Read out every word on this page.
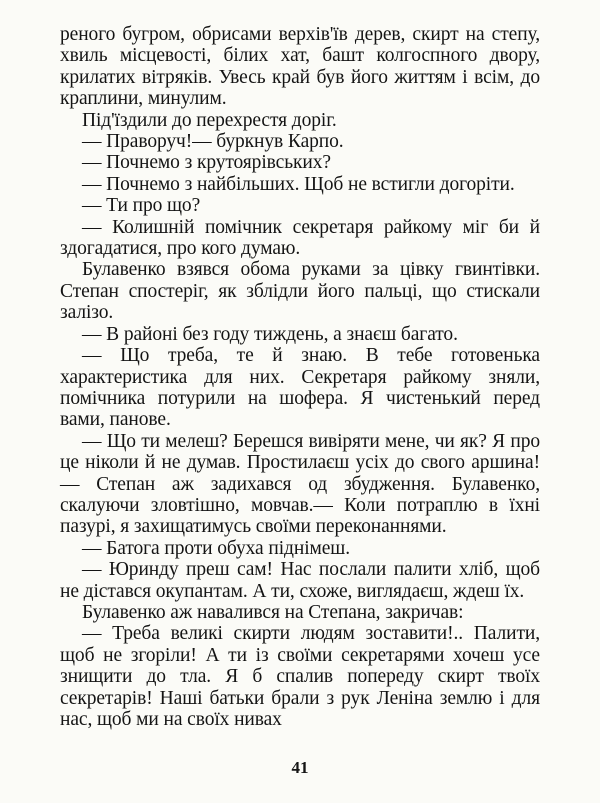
реного бугром, обрисами верхів'їв дерев, скирт на степу, хвиль місцевості, білих хат, башт колгоспного двору, крилатих вітряків. Увесь край був його життям і всім, до краплини, минулим.

Під'їздили до перехрестя доріг.

— Праворуч!— буркнув Карпо.

— Почнемо з крутоярівських?

— Почнемо з найбільших. Щоб не встигли догоріти.

— Ти про що?

— Колишній помічник секретаря райкому міг би й здогадатися, про кого думаю.

Булавенко взявся обома руками за цівку гвинтівки. Степан спостеріг, як зблідли його пальці, що стискали залізо.

— В районі без году тиждень, а знаєш багато.

— Що треба, те й знаю. В тебе готовенька характеристика для них. Секретаря райкому зняли, помічника потурили на шофера. Я чистенький перед вами, панове.

— Що ти мелеш? Берешся вивіряти мене, чи як? Я про це ніколи й не думав. Простилаєш усіх до свого аршина!— Степан аж задихався од збудження. Булавенко, скалуючи зловтішно, мовчав.— Коли потраплю в їхні пазурі, я захищатимусь своїми переконаннями.

— Батога проти обуха піднімеш.

— Юринду преш сам! Нас послали палити хліб, щоб не дістався окупантам. А ти, схоже, виглядаєш, ждеш їх.

Булавенко аж навалився на Степана, закричав:

— Треба великі скирти людям зоставити!.. Палити, щоб не згоріли! А ти із своїми секретарями хочеш усе знищити до тла. Я б спалив попереду скирт твоїх секретарів! Наші батьки брали з рук Леніна землю і для нас, щоб ми на своїх нивах

41
